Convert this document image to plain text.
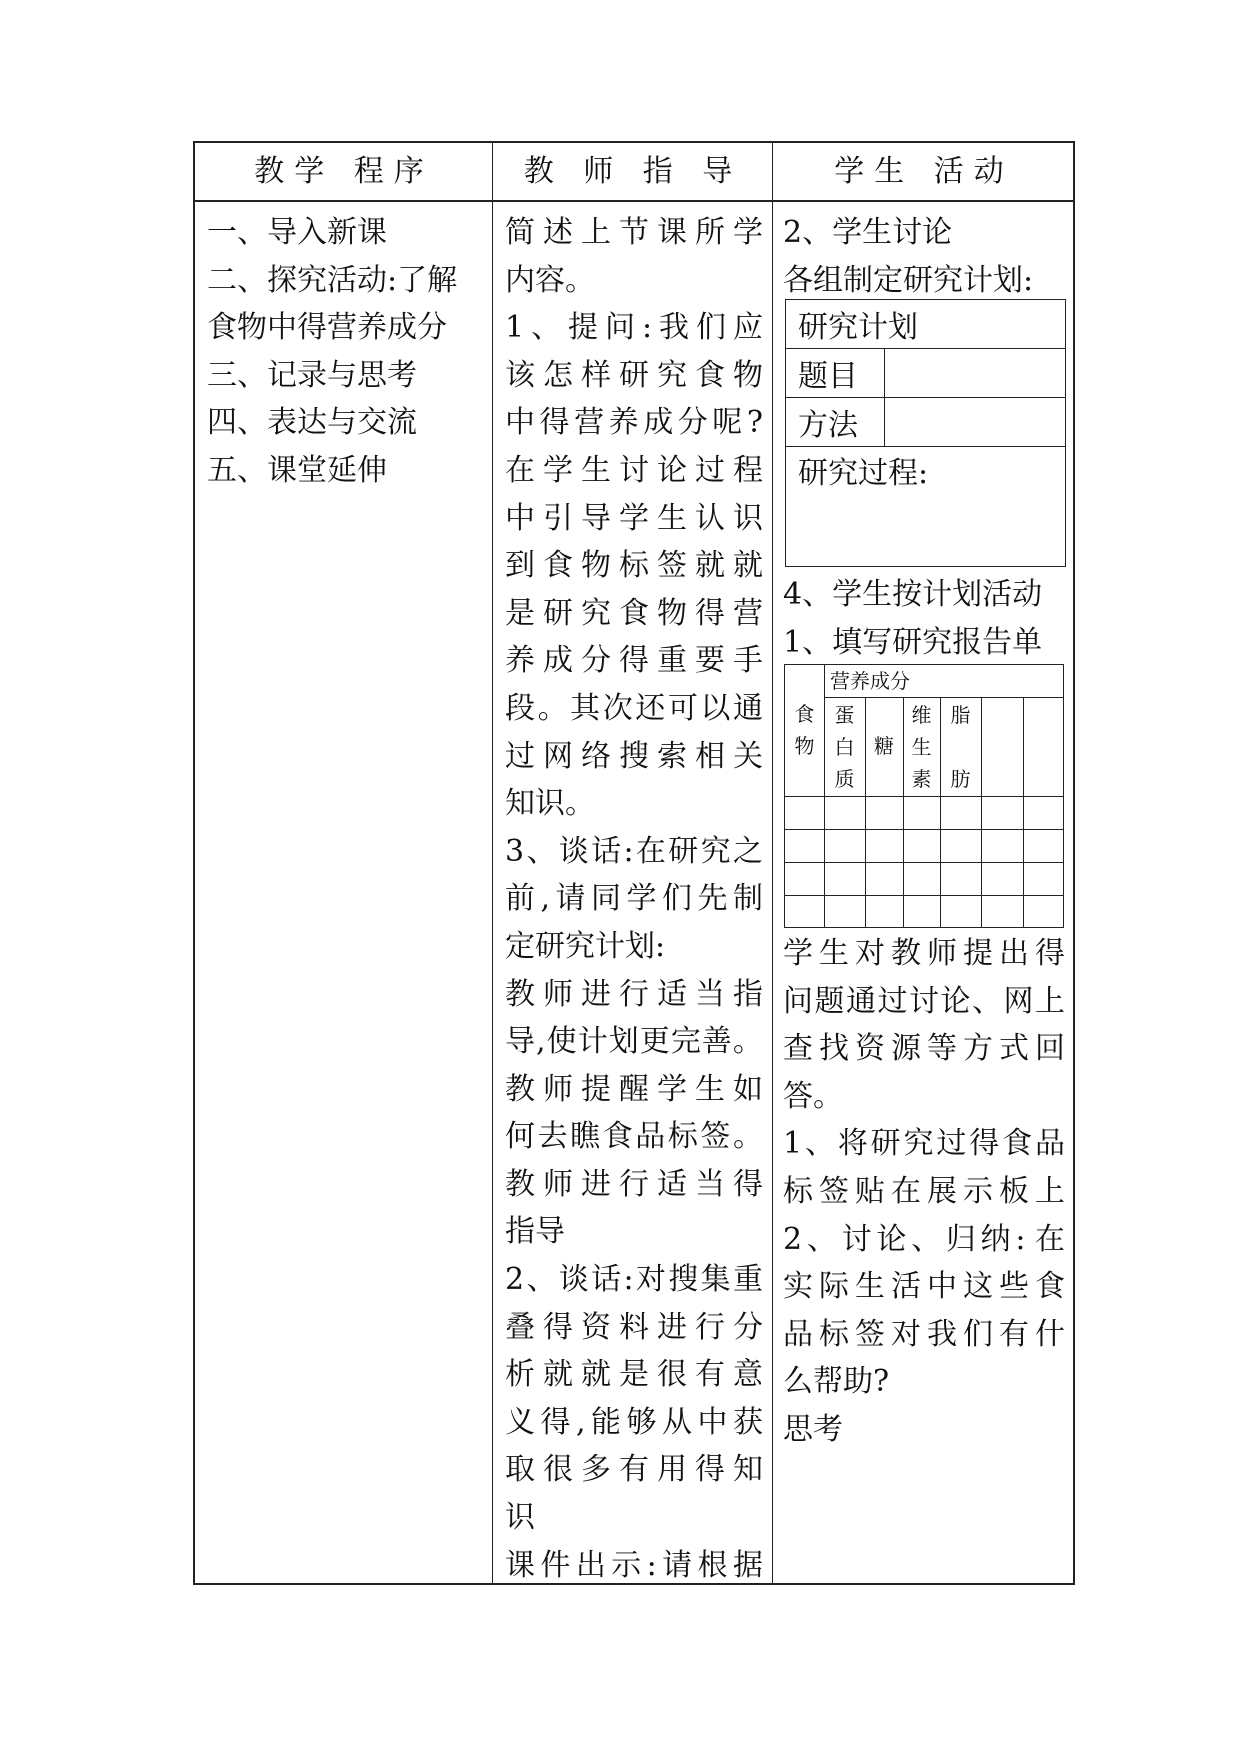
教学 程序	教 师 指 导	学生 活动
一、导入新课
二、探究活动:了解
食物中得营养成分
三、记录与思考
四、表达与交流
五、课堂延伸
简 述 上 节 课 所 学
内容。
1 、 提 问 : 我 们 应
该 怎 样 研 究 食 物
中 得 营 养 成 分 呢 ?
在 学 生 讨 论 过 程
中 引 导 学 生 认 识
到 食 物 标 签 就 就
是 研 究 食 物 得 营
养 成 分 得 重 要 手
段 。 其 次 还 可 以 通
过 网 络 搜 索 相 关
知识。
3 、 谈 话 : 在 研 究 之
前 , 请 同 学 们 先 制
定研究计划:
教 师 进 行 适 当 指
导 , 使 计 划 更 完 善 。
教 师 提 醒 学 生 如
何 去 瞧 食 品 标 签 。
教 师 进 行 适 当 得
指导
2 、 谈 话 : 对 搜 集 重
叠 得 资 料 进 行 分
析 就 就 是 很 有 意
义 得 , 能 够 从 中 获
取 很 多 有 用 得 知
识
课 件 出 示 : 请 根 据
2、学生讨论
各组制定研究计划:
研究计划
题目
方法
研究过程:
4、学生按计划活动
1、填写研究报告单
营养成分
食
物
蛋
白
质
糖
维
生
素
脂
肪
学 生 对 教 师 提 出 得
问 题 通 过 讨 论 、 网 上
查 找 资 源 等 方 式 回
答。
1 、 将 研 究 过 得 食 品
标 签 贴 在 展 示 板 上
2 、 讨 论 、 归 纳 : 在
实 际 生 活 中 这 些 食
品 标 签 对 我 们 有 什
么帮助?
思考
